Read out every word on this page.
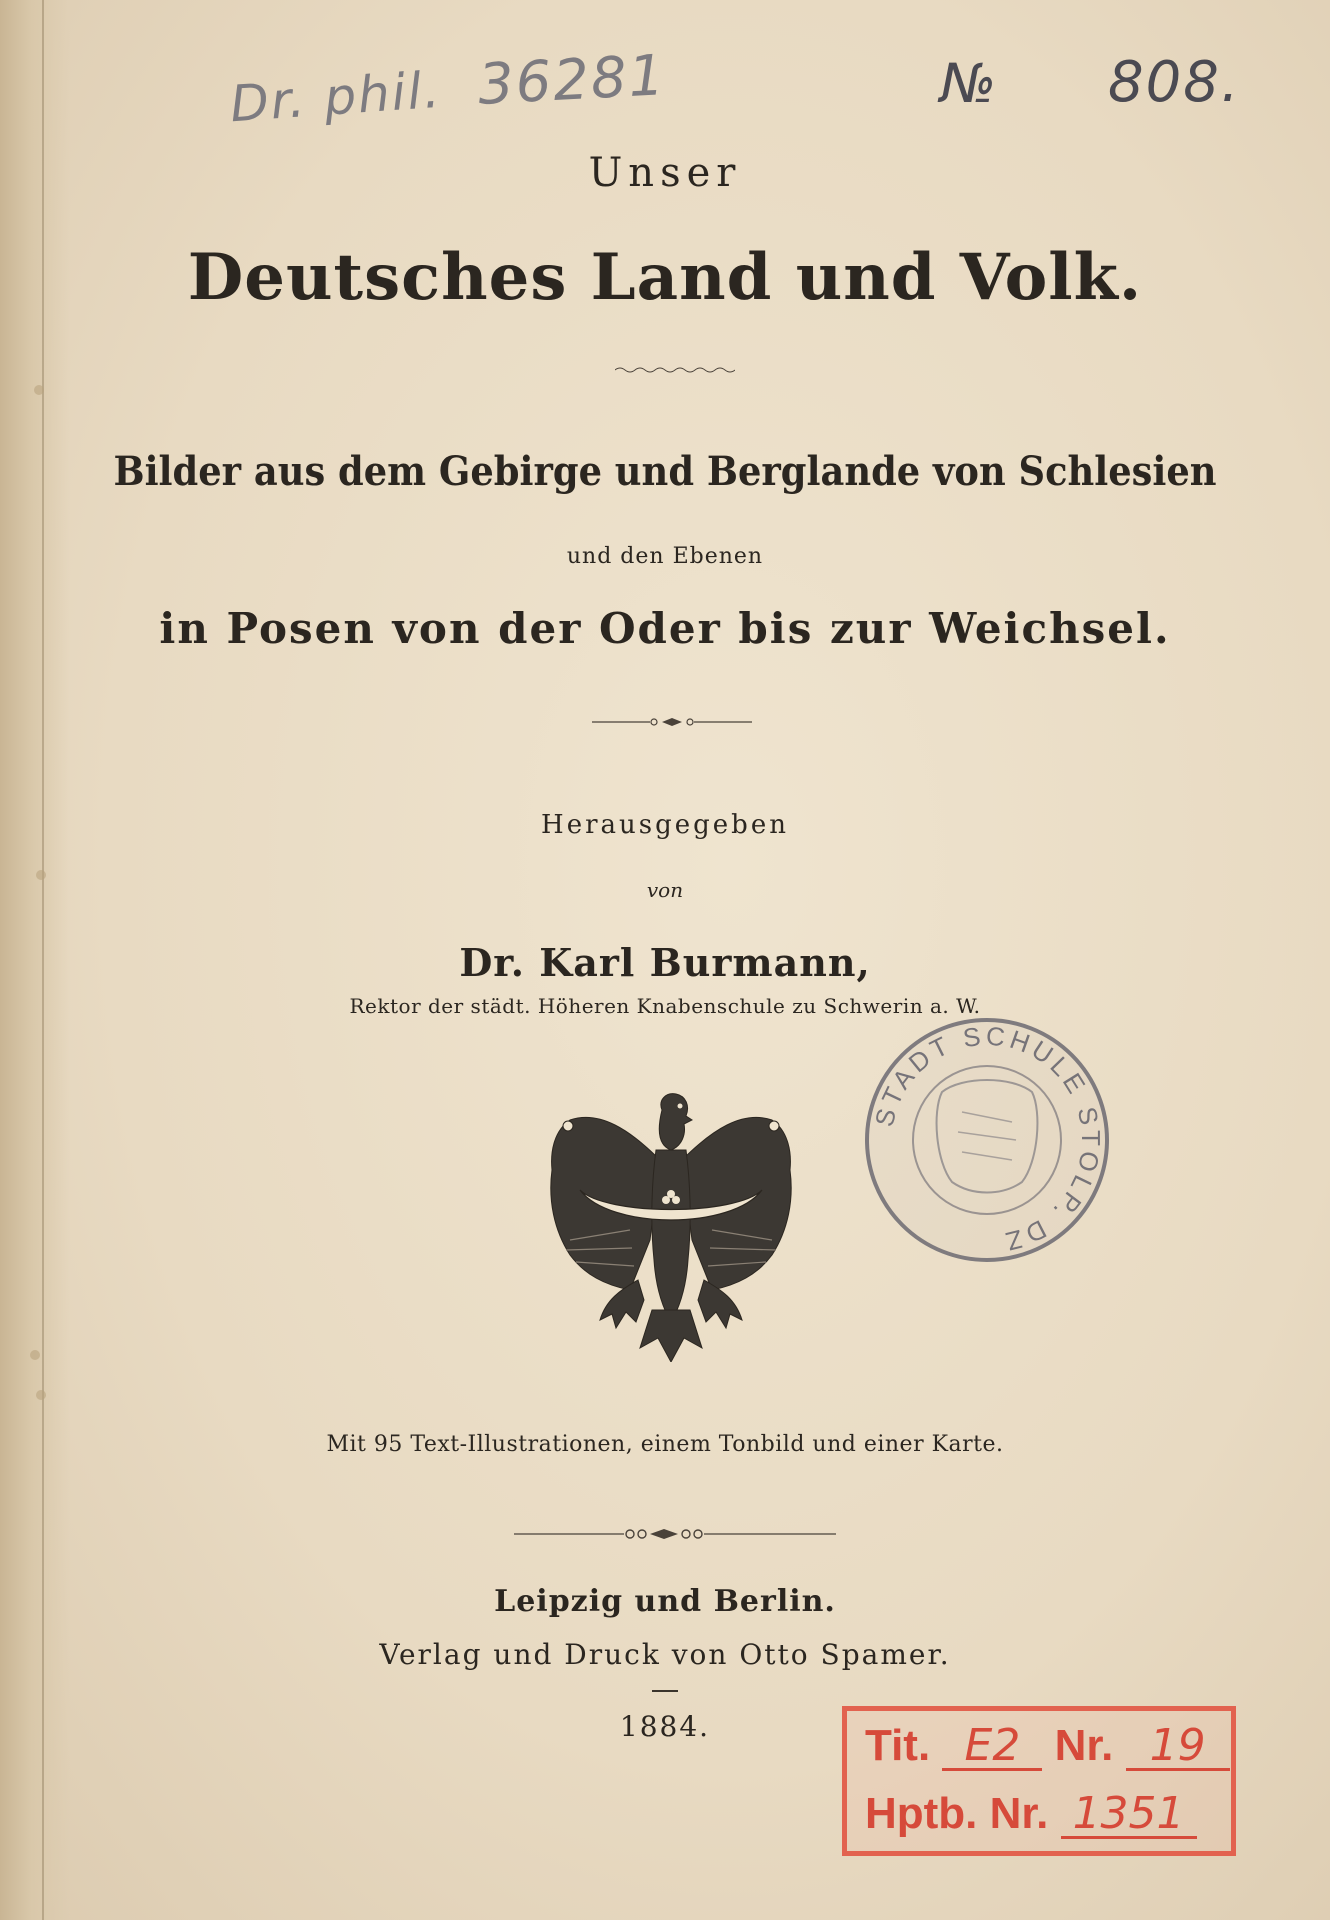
Dr. phil. 36281	№ 808.
Unser
Deutsches Land und Volk.
Bilder aus dem Gebirge und Berglande von Schlesien
und den Ebenen
in Posen von der Oder bis zur Weichsel.
Herausgegeben
von
Dr. Karl Burmann,
Rektor der städt. Höheren Knabenschule zu Schwerin a. W.
STADT SCHULE STOLP. DZ
Mit 95 Text-Illustrationen, einem Tonbild und einer Karte.
Leipzig und Berlin.
Verlag und Druck von Otto Spamer.
1884.	Tit. E2 Nr. 19
Hptb. Nr. 1351
